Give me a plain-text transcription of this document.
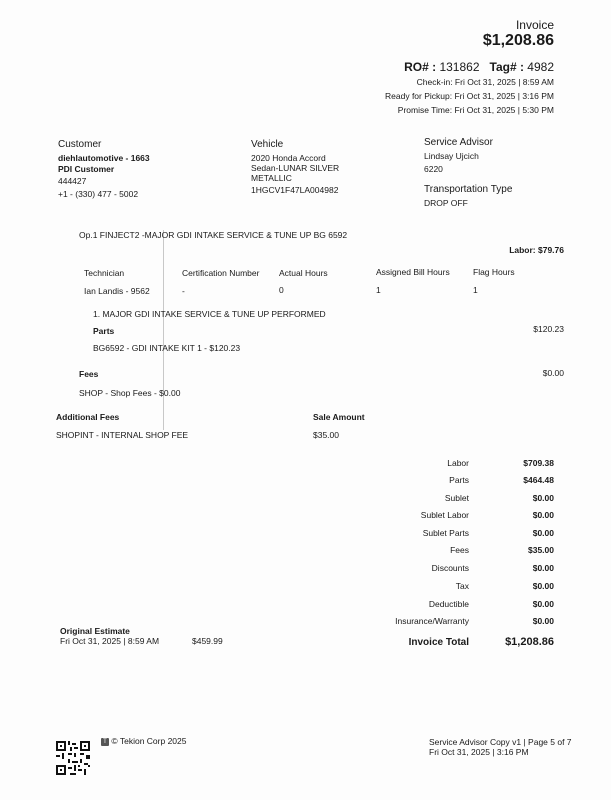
Invoice
$1,208.86
RO# : 131862 Tag# : 4982
Check-in: Fri Oct 31, 2025 | 8:59 AM
Ready for Pickup: Fri Oct 31, 2025 | 3:16 PM
Promise Time: Fri Oct 31, 2025 | 5:30 PM
Customer
diehlautomotive - 1663
PDI Customer
444427
+1 - (330) 477 - 5002
Vehicle
2020 Honda Accord
Sedan-LUNAR SILVER
METALLIC
1HGCV1F47LA004982
Service Advisor
Lindsay Ujcich
6220
Transportation Type
DROP OFF
Op.1 FINJECT2 -MAJOR GDI INTAKE SERVICE & TUNE UP BG 6592
Labor: $79.76
Technician	Certification Number Actual Hours	Assigned Bill Hours	Flag Hours
Ian Landis - 9562	-	0	1	1
1. MAJOR GDI INTAKE SERVICE & TUNE UP PERFORMED
Parts	$120.23
BG6592 - GDI INTAKE KIT 1 - $120.23
Fees	$0.00
SHOP - Shop Fees - $0.00
Additional Fees	Sale Amount
SHOPINT - INTERNAL SHOP FEE	$35.00
Labor	$709.38
Parts	$464.48
Sublet	$0.00
Sublet Labor	$0.00
Sublet Parts	$0.00
Fees	$35.00
Discounts	$0.00
Tax	$0.00
Deductible	$0.00
Insurance/Warranty	$0.00
Invoice Total	$1,208.86
Original Estimate
Fri Oct 31, 2025 | 8:59 AM	$459.99
T © Tekion Corp 2025	Service Advisor Copy v1 | Page 5 of 7
Fri Oct 31, 2025 | 3:16 PM
